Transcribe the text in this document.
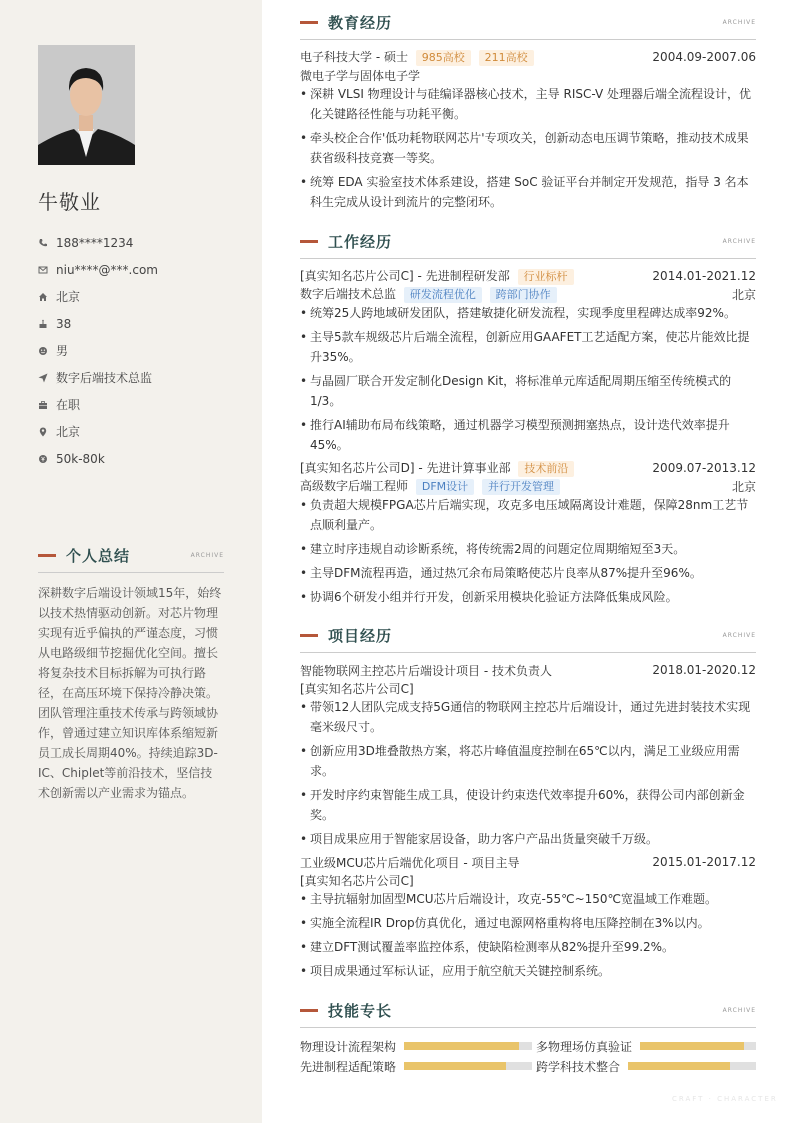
牛敬业
188****1234
niu****@***.com
北京
38
男
数字后端技术总监
在职
北京
50k-80k
个人总结	ARCHIVE
深耕数字后端设计领域15年，始终以技术热情驱动创新。对芯片物理实现有近乎偏执的严谨态度，习惯从电路级细节挖掘优化空间。擅长将复杂技术目标拆解为可执行路径，在高压环境下保持冷静决策。团队管理注重技术传承与跨领域协作，曾通过建立知识库体系缩短新员工成长周期40%。持续追踪3D-IC、Chiplet等前沿技术，坚信技术创新需以产业需求为锚点。
教育经历	ARCHIVE
电子科技大学 - 硕士 985高校 211高校	2004.09-2007.06
微电子学与固体电子学
• 深耕 VLSI 物理设计与硅编译器核心技术，主导 RISC-V 处理器后端全流程设计，优化关键路径性能与功耗平衡。
• 牵头校企合作'低功耗物联网芯片'专项攻关，创新动态电压调节策略，推动技术成果获省级科技竞赛一等奖。
• 统筹 EDA 实验室技术体系建设，搭建 SoC 验证平台并制定开发规范，指导 3 名本科生完成从设计到流片的完整闭环。
工作经历	ARCHIVE
[真实知名芯片公司C] - 先进制程研发部 行业标杆	2014.01-2021.12
数字后端技术总监 研发流程优化 跨部门协作	北京
• 统筹25人跨地域研发团队，搭建敏捷化研发流程，实现季度里程碑达成率92%。
• 主导5款车规级芯片后端全流程，创新应用GAAFET工艺适配方案，使芯片能效比提升35%。
• 与晶圆厂联合开发定制化Design Kit，将标准单元库适配周期压缩至传统模式的1/3。
• 推行AI辅助布局布线策略，通过机器学习模型预测拥塞热点，设计迭代效率提升45%。
[真实知名芯片公司D] - 先进计算事业部 技术前沿	2009.07-2013.12
高级数字后端工程师 DFM设计 并行开发管理	北京
• 负责超大规模FPGA芯片后端实现，攻克多电压域隔离设计难题，保障28nm工艺节点顺利量产。
• 建立时序违规自动诊断系统，将传统需2周的问题定位周期缩短至3天。
• 主导DFM流程再造，通过热冗余布局策略使芯片良率从87%提升至96%。
• 协调6个研发小组并行开发，创新采用模块化验证方法降低集成风险。
项目经历	ARCHIVE
智能物联网主控芯片后端设计项目 - 技术负责人	2018.01-2020.12
[真实知名芯片公司C]
• 带领12人团队完成支持5G通信的物联网主控芯片后端设计，通过先进封装技术实现毫米级尺寸。
• 创新应用3D堆叠散热方案，将芯片峰值温度控制在65℃以内，满足工业级应用需求。
• 开发时序约束智能生成工具，使设计约束迭代效率提升60%，获得公司内部创新金奖。
• 项目成果应用于智能家居设备，助力客户产品出货量突破千万级。
工业级MCU芯片后端优化项目 - 项目主导	2015.01-2017.12
[真实知名芯片公司C]
• 主导抗辐射加固型MCU芯片后端设计，攻克-55℃~150℃宽温域工作难题。
• 实施全流程IR Drop仿真优化，通过电源网格重构将电压降控制在3%以内。
• 建立DFT测试覆盖率监控体系，使缺陷检测率从82%提升至99.2%。
• 项目成果通过军标认证，应用于航空航天关键控制系统。
技能专长	ARCHIVE
物理设计流程架构	多物理场仿真验证
先进制程适配策略	跨学科技术整合
CRAFT · CHARACTER
